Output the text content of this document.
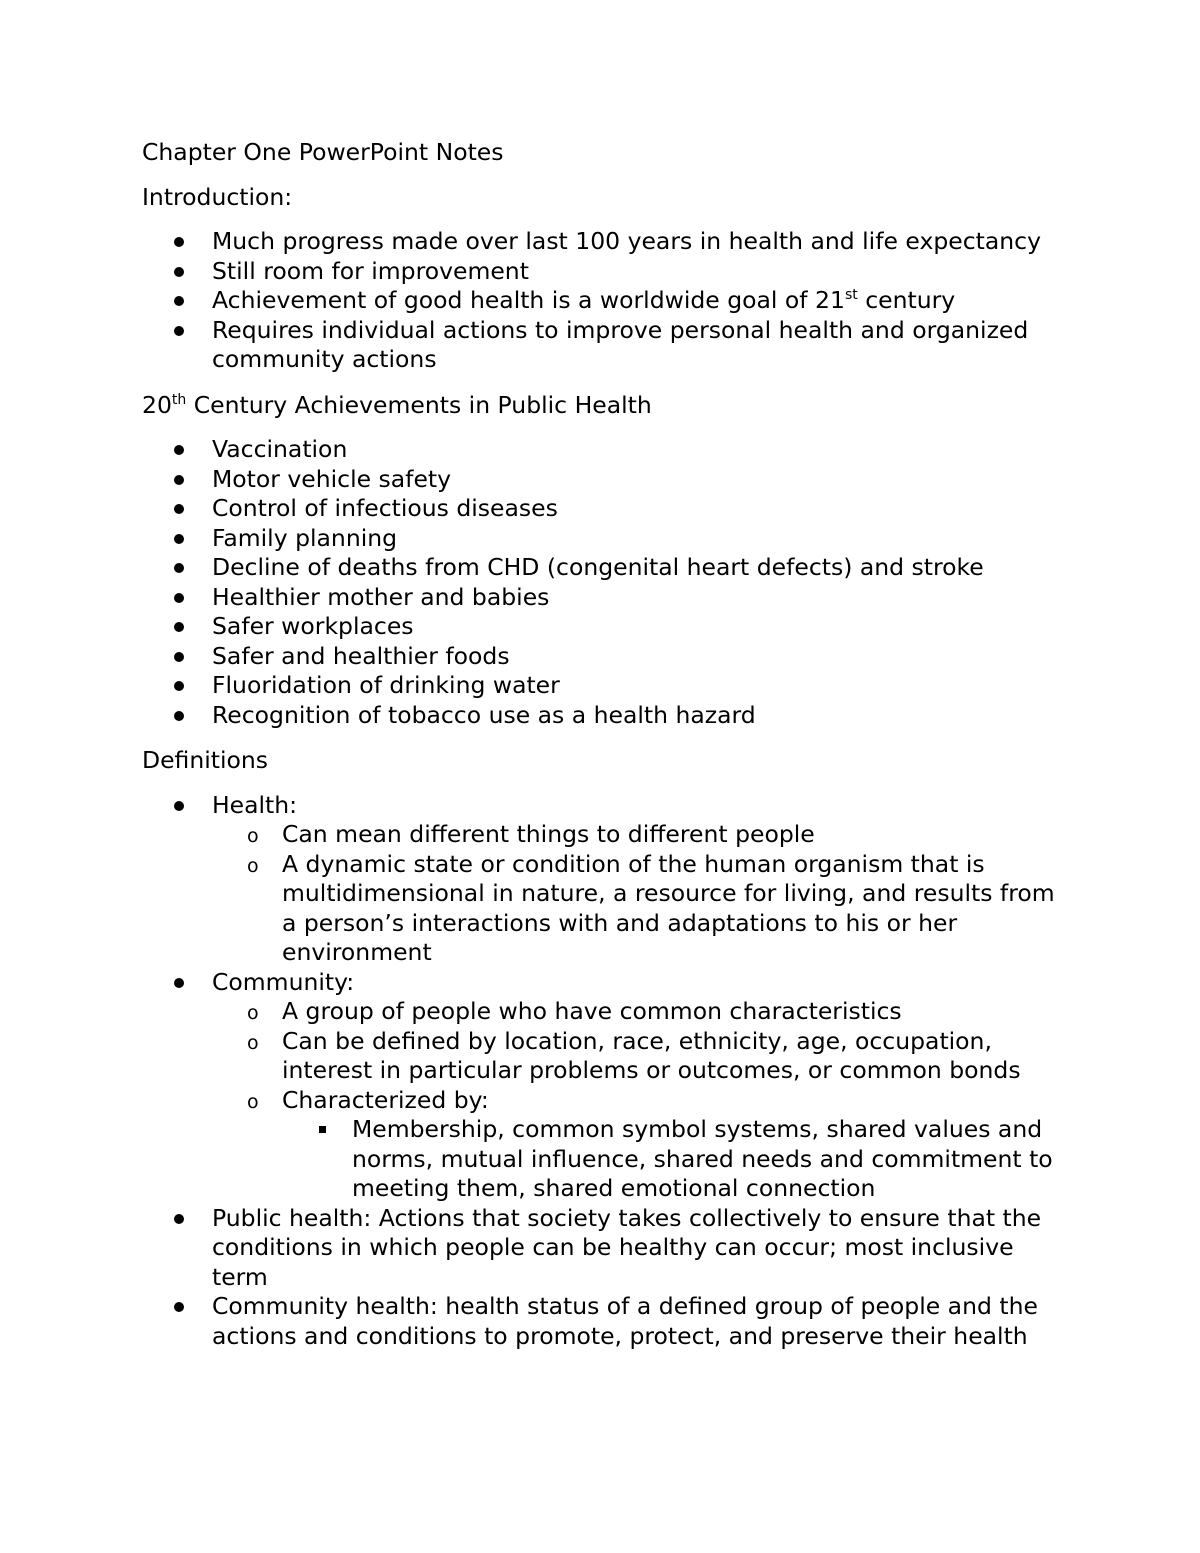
Chapter One PowerPoint Notes

Introduction:

Much progress made over last 100 years in health and life expectancy
Still room for improvement
Achievement of good health is a worldwide goal of 21st century
Requires individual actions to improve personal health and organized community actions

20th Century Achievements in Public Health

Vaccination
Motor vehicle safety
Control of infectious diseases
Family planning
Decline of deaths from CHD (congenital heart defects) and stroke
Healthier mother and babies
Safer workplaces
Safer and healthier foods
Fluoridation of drinking water
Recognition of tobacco use as a health hazard

Definitions

Health:
o Can mean different things to different people
o A dynamic state or condition of the human organism that is multidimensional in nature, a resource for living, and results from a person’s interactions with and adaptations to his or her environment
Community:
o A group of people who have common characteristics
o Can be defined by location, race, ethnicity, age, occupation, interest in particular problems or outcomes, or common bonds
o Characterized by:
Membership, common symbol systems, shared values and norms, mutual influence, shared needs and commitment to meeting them, shared emotional connection
Public health: Actions that society takes collectively to ensure that the conditions in which people can be healthy can occur; most inclusive term
Community health: health status of a defined group of people and the actions and conditions to promote, protect, and preserve their health
